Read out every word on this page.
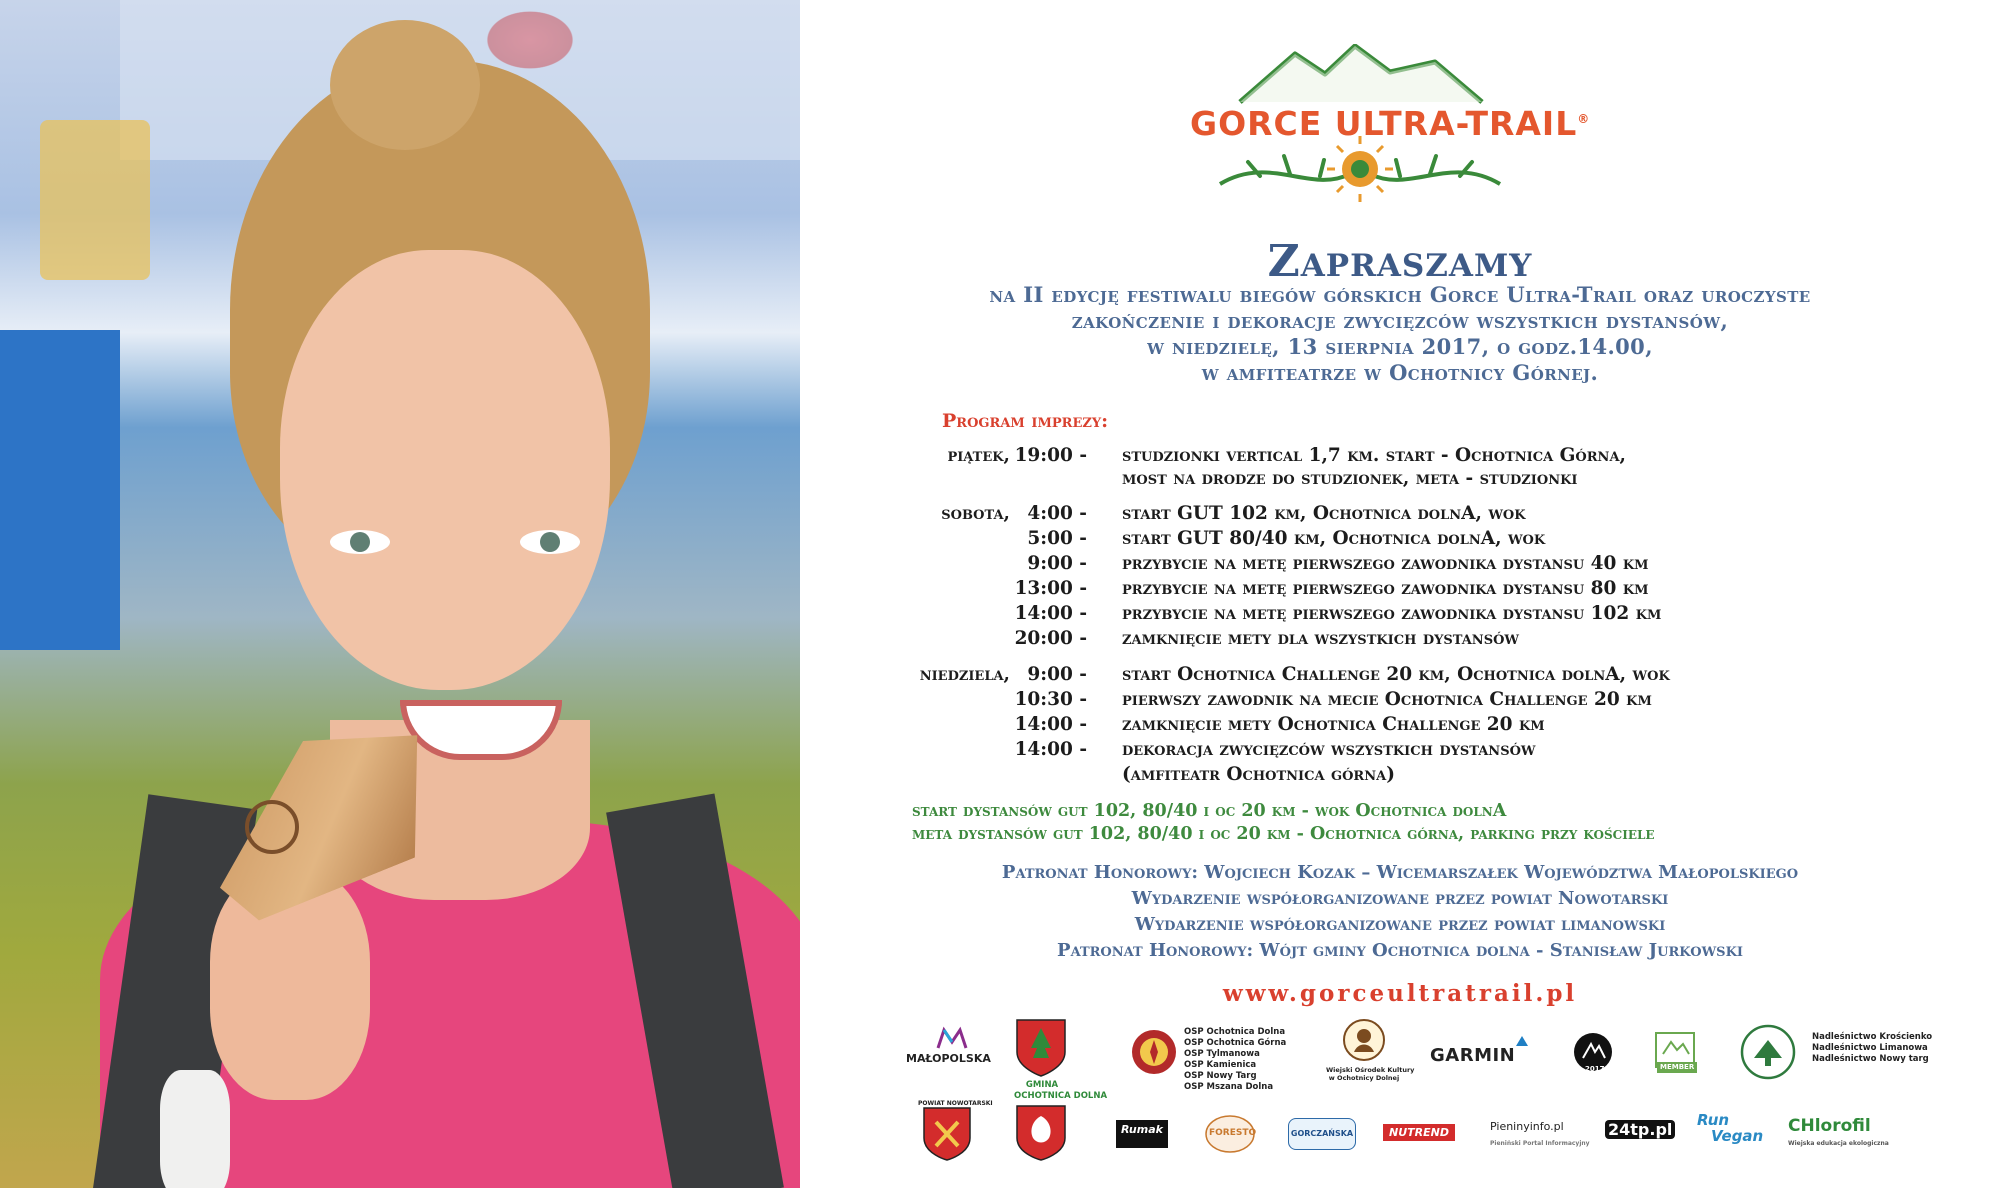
GORCE ULTRA-TRAIL®
Zapraszamy
na II edycję festiwalu biegów górskich Gorce Ultra-Trail oraz uroczyste
zakończenie i dekoracje zwycięzców wszystkich dystansów,
w niedzielę, 13 sierpnia 2017, o godz.14.00,
w amfiteatrze w Ochotnicy Górnej.
Program imprezy:
piątek, 19:00 - studzionki vertical 1,7 km. start - Ochotnica Górna,
most na drodze do studzionek, meta - studzionki
sobota, 4:00 - start GUT 102 km, Ochotnica dolnA, wok
5:00 - start GUT 80/40 km, Ochotnica dolnA, wok
9:00 - przybycie na metę pierwszego zawodnika dystansu 40 km
13:00 - przybycie na metę pierwszego zawodnika dystansu 80 km
14:00 - przybycie na metę pierwszego zawodnika dystansu 102 km
20:00 - zamknięcie mety dla wszystkich dystansów
niedziela, 9:00 - start Ochotnica Challenge 20 km, Ochotnica dolnA, wok
10:30 - pierwszy zawodnik na mecie Ochotnica Challenge 20 km
14:00 - zamknięcie mety Ochotnica Challenge 20 km
14:00 - dekoracja zwycięzców wszystkich dystansów
(amfiteatr Ochotnica górna)
start dystansów gut 102, 80/40 i oc 20 km - wok Ochotnica dolnA
meta dystansów gut 102, 80/40 i oc 20 km - Ochotnica górna, parking przy kościele
Patronat Honorowy: Wojciech Kozak – Wicemarszałek Województwa Małopolskiego
Wydarzenie współorganizowane przez powiat Nowotarski
Wydarzenie współorganizowane przez powiat limanowski
Patronat Honorowy: Wójt gminy Ochotnica dolna - Stanisław Jurkowski
www.gorceultratrail.pl
MAŁOPOLSKA
GMINA
OCHOTNICA DOLNA
OSP Ochotnica Dolna
OSP Ochotnica Górna
OSP Tylmanowa
OSP Kamienica
OSP Nowy Targ
OSP Mszana Dolna
Wiejski Ośrodek Kultury
w Ochotnicy Dolnej
GARMIN
2017	MEMBER
Nadleśnictwo Krościenko
Nadleśnictwo Limanowa
Nadleśnictwo Nowy targ
POWIAT NOWOTARSKI
Rumak	FORESTO	GORCZAŃSKA	NUTREND	Pieninyinfo.pl
Pieniński Portal Informacyjny
24tp.pl Run
Vegan CHlorofil
Wiejska edukacja ekologiczna
